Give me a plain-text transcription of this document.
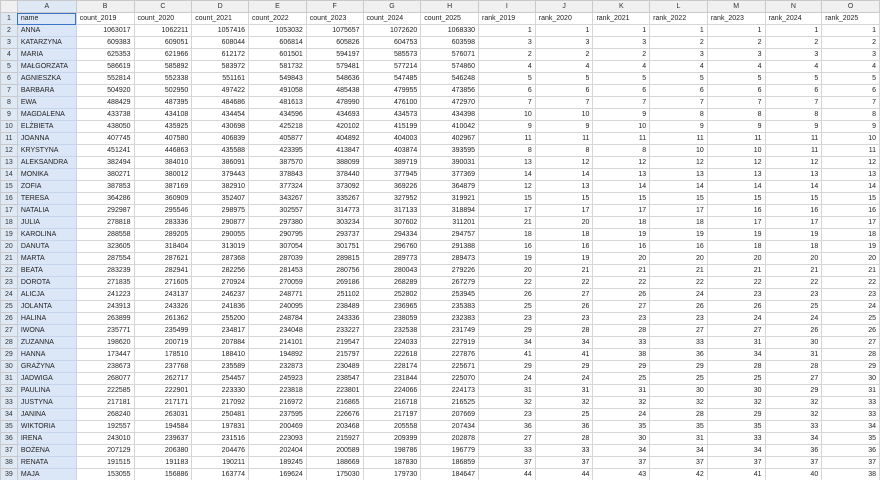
	A	B	C	D	E	F	G	H	I	J	K	L	M	N	O
1	name	count_2019	count_2020	count_2021	count_2022	count_2023	count_2024	count_2025	rank_2019	rank_2020	rank_2021	rank_2022	rank_2023	rank_2024	rank_2025
2	ANNA	1063017	1062211	1057416	1053032	1075657	1072620	1068330	1	1	1	1	1	1	1
3	KATARZYNA	609383	609051	608044	606814	605826	604753	603598	3	3	3	2	2	2	2
4	MARIA	625353	621966	612172	601501	594197	585573	576071	2	2	2	3	3	3	3
5	MAŁGORZATA	586619	585892	583972	581732	579481	577214	574860	4	4	4	4	4	4	4
6	AGNIESZKA	552814	552338	551161	549843	548636	547485	546248	5	5	5	5	5	5	5
7	BARBARA	504920	502950	497422	491058	485438	479955	473856	6	6	6	6	6	6	6
8	EWA	488429	487395	484686	481613	478990	476100	472970	7	7	7	7	7	7	7
9	MAGDALENA	433738	434108	434454	434596	434693	434573	434398	10	10	9	8	8	8	8
10	ELŻBIETA	438050	435925	430698	425218	420102	415199	410042	9	9	10	9	9	9	9
11	JOANNA	407745	407580	406839	405877	404892	404003	402967	11	11	11	11	11	11	10
12	KRYSTYNA	451241	446863	435588	423395	413847	403874	393595	8	8	8	10	10	11	11
13	ALEKSANDRA	382494	384010	386091	387570	388099	389719	390031	13	12	12	12	12	12	12
14	MONIKA	380271	380012	379443	378843	378440	377945	377369	14	14	13	13	13	13	13
15	ZOFIA	387853	387169	382910	377324	373092	369226	364879	12	13	14	14	14	14	14
16	TERESA	364286	360909	352407	343267	335267	327952	319921	15	15	15	15	15	15	15
17	NATALIA	292987	295546	298975	302557	314773	317133	318894	17	17	17	17	16	16	16
18	JULIA	278818	283336	290877	297380	303234	307602	311201	21	20	18	18	17	17	17
19	KAROLINA	288558	289205	290055	290795	293737	294334	294757	18	18	19	19	19	19	18
20	DANUTA	323605	318404	313019	307054	301751	296760	291388	16	16	16	16	18	18	19
21	MARTA	287554	287621	287368	287039	289815	289773	289473	19	19	20	20	20	20	20
22	BEATA	283239	282941	282256	281453	280756	280043	279226	20	21	21	21	21	21	21
23	DOROTA	271835	271605	270924	270059	269186	268289	267279	22	22	22	22	22	22	22
24	ALICJA	241223	243137	246237	248771	251102	252802	253945	26	27	26	24	23	23	23
25	JOLANTA	243913	243326	241836	240095	238489	236965	235383	25	26	27	26	26	25	24
26	HALINA	263899	261362	255200	248784	243336	238059	232383	23	23	23	23	24	24	25
27	IWONA	235771	235499	234817	234048	233227	232538	231749	29	28	28	27	27	26	26
28	ZUZANNA	198620	200719	207884	214101	219547	224033	227919	34	34	33	33	31	30	27
29	HANNA	173447	178510	188410	194892	215797	222618	227876	41	41	38	36	34	31	28
30	GRAŻYNA	238673	237768	235589	232873	230489	228174	225671	29	29	29	29	28	28	29
31	JADWIGA	268077	262717	254457	245923	238547	231844	225070	24	24	25	25	25	27	30
32	PAULINA	222585	222901	223330	223818	223801	224066	224173	31	31	31	30	30	29	31
33	JUSTYNA	217181	217171	217092	216972	216865	216718	216525	32	32	32	32	32	32	33
34	JANINA	268240	263031	250481	237595	226676	217197	207669	23	25	24	28	29	32	33
35	WIKTORIA	192557	194584	197831	200469	203468	205558	207434	36	36	35	35	35	33	34
36	IRENA	243010	239637	231516	223093	215927	209399	202878	27	28	30	31	33	34	35
37	BOŻENA	207129	206380	204476	202404	200589	198786	196779	33	33	34	34	34	36	36
38	RENATA	191515	191183	190211	189245	188669	187830	186859	37	37	37	37	37	37	37
39	MAJA	153055	156886	163774	169624	175030	179730	184647	44	44	43	42	41	40	38
